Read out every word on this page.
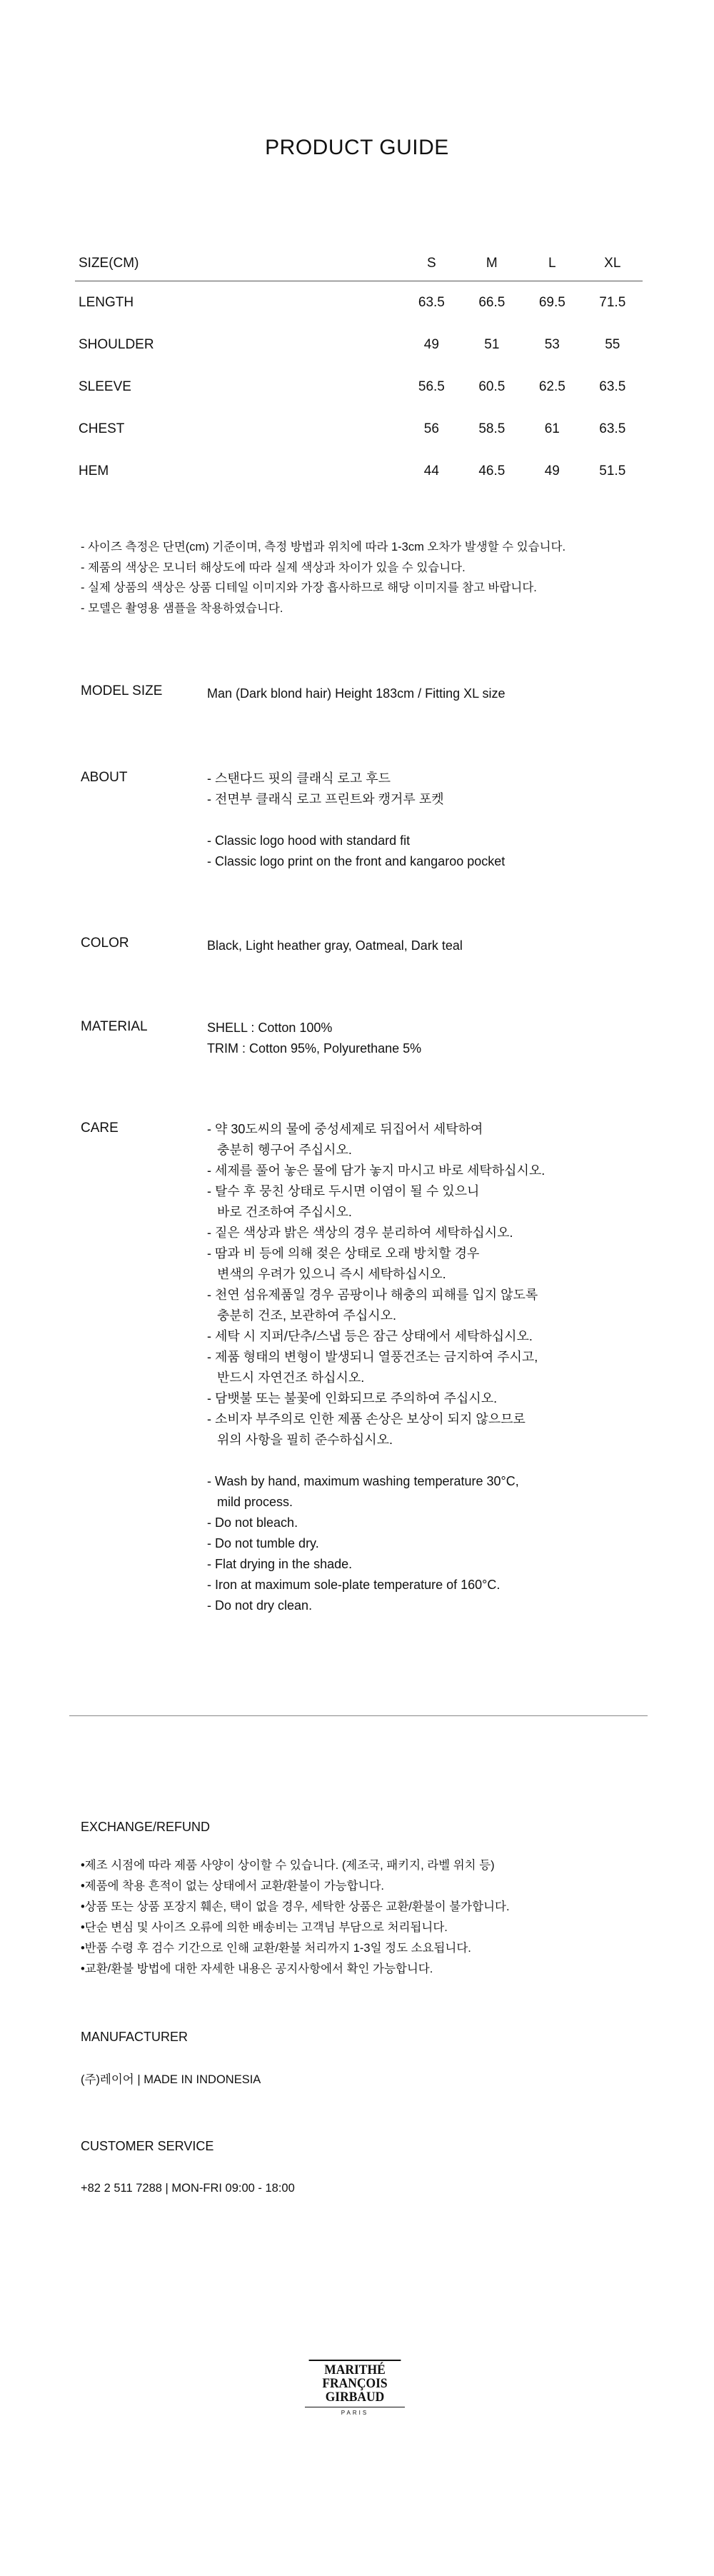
PRODUCT GUIDE
SIZE(CM)	S	M	L	XL
LENGTH	63.5	66.5	69.5	71.5
SHOULDER	49	51	53	55
SLEEVE	56.5	60.5	62.5	63.5
CHEST	56	58.5	61	63.5
HEM	44	46.5	49	51.5
- 사이즈 측정은 단면(cm) 기준이며, 측정 방법과 위치에 따라 1-3cm 오차가 발생할 수 있습니다.
- 제품의 색상은 모니터 해상도에 따라 실제 색상과 차이가 있을 수 있습니다.
- 실제 상품의 색상은 상품 디테일 이미지와 가장 흡사하므로 해당 이미지를 참고 바랍니다.
- 모델은 촬영용 샘플을 착용하였습니다.
MODEL SIZE	Man (Dark blond hair) Height 183cm / Fitting XL size
ABOUT	- 스탠다드 핏의 클래식 로고 후드
- 전면부 클래식 로고 프린트와 캥거루 포켓
- Classic logo hood with standard fit
- Classic logo print on the front and kangaroo pocket
COLOR	Black, Light heather gray, Oatmeal, Dark teal
MATERIAL	SHELL : Cotton 100%
TRIM : Cotton 95%, Polyurethane 5%
CARE	- 약 30도씨의 물에 중성세제로 뒤집어서 세탁하여
충분히 헹구어 주십시오.
- 세제를 풀어 놓은 물에 담가 놓지 마시고 바로 세탁하십시오.
- 탈수 후 뭉친 상태로 두시면 이염이 될 수 있으니
바로 건조하여 주십시오.
- 짙은 색상과 밝은 색상의 경우 분리하여 세탁하십시오.
- 땀과 비 등에 의해 젖은 상태로 오래 방치할 경우
변색의 우려가 있으니 즉시 세탁하십시오.
- 천연 섬유제품일 경우 곰팡이나 해충의 피해를 입지 않도록
충분히 건조, 보관하여 주십시오.
- 세탁 시 지퍼/단추/스냅 등은 잠근 상태에서 세탁하십시오.
- 제품 형태의 변형이 발생되니 열풍건조는 금지하여 주시고,
반드시 자연건조 하십시오.
- 담뱃불 또는 불꽃에 인화되므로 주의하여 주십시오.
- 소비자 부주의로 인한 제품 손상은 보상이 되지 않으므로
위의 사항을 필히 준수하십시오.
- Wash by hand, maximum washing temperature 30°C,
mild process.
- Do not bleach.
- Do not tumble dry.
- Flat drying in the shade.
- Iron at maximum sole-plate temperature of 160°C.
- Do not dry clean.
EXCHANGE/REFUND
•제조 시점에 따라 제품 사양이 상이할 수 있습니다. (제조국, 패키지, 라벨 위치 등)
•제품에 착용 흔적이 없는 상태에서 교환/환불이 가능합니다.
•상품 또는 상품 포장지 훼손, 택이 없을 경우, 세탁한 상품은 교환/환불이 불가합니다.
•단순 변심 및 사이즈 오류에 의한 배송비는 고객님 부담으로 처리됩니다.
•반품 수령 후 검수 기간으로 인해 교환/환불 처리까지 1-3일 정도 소요됩니다.
•교환/환불 방법에 대한 자세한 내용은 공지사항에서 확인 가능합니다.
MANUFACTURER
(주)레이어 | MADE IN INDONESIA
CUSTOMER SERVICE
+82 2 511 7288 | MON-FRI 09:00 - 18:00
MARITHÉ
FRANÇOIS
GIRBAUD
PARIS
